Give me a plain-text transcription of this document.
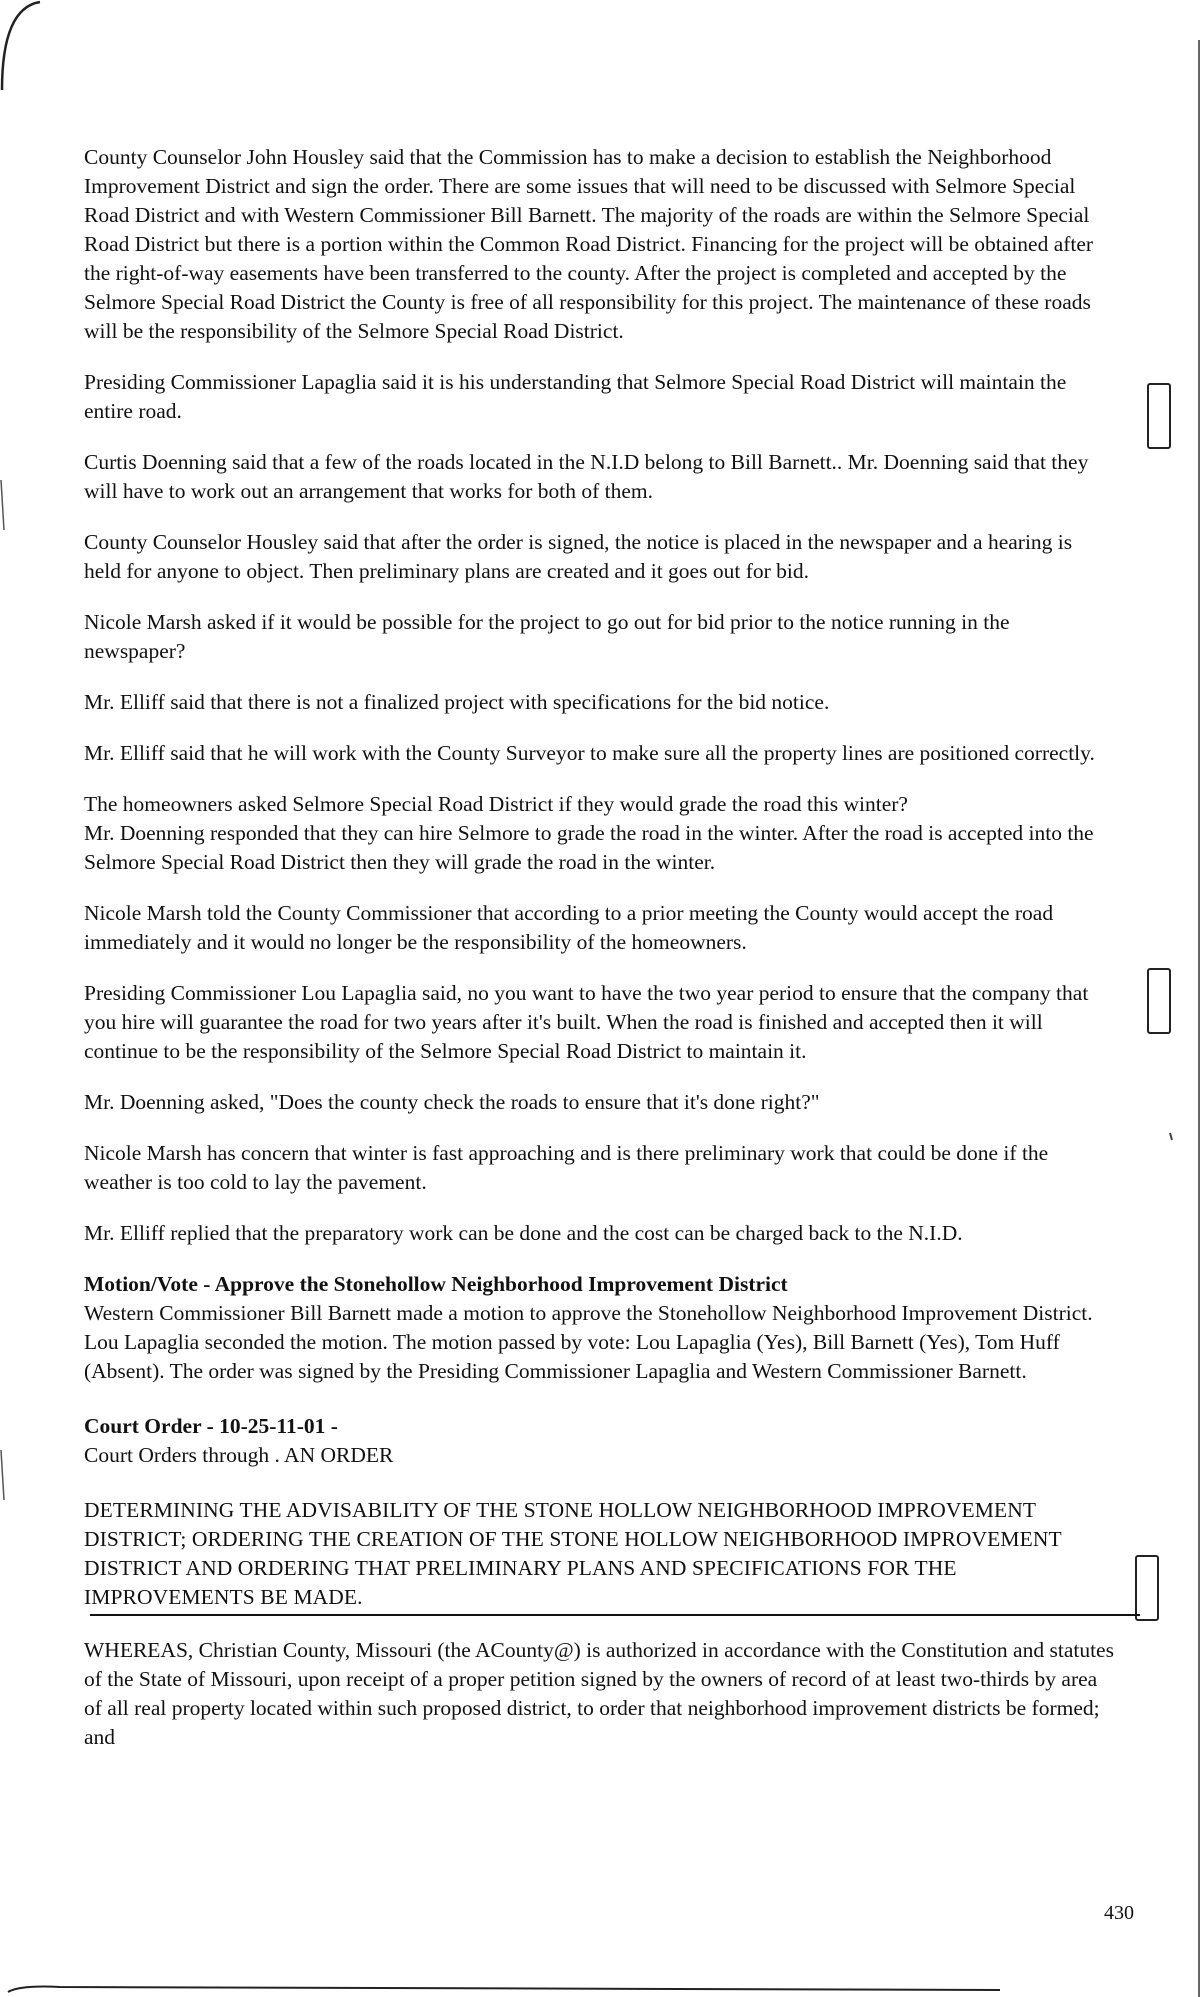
County Counselor John Housley said that the Commission has to make a decision to establish the Neighborhood Improvement District and sign the order. There are some issues that will need to be discussed with Selmore Special Road District and with Western Commissioner Bill Barnett. The majority of the roads are within the Selmore Special Road District but there is a portion within the Common Road District. Financing for the project will be obtained after the right-of-way easements have been transferred to the county. After the project is completed and accepted by the Selmore Special Road District the County is free of all responsibility for this project. The maintenance of these roads will be the responsibility of the Selmore Special Road District.

Presiding Commissioner Lapaglia said it is his understanding that Selmore Special Road District will maintain the entire road.

Curtis Doenning said that a few of the roads located in the N.I.D belong to Bill Barnett.. Mr. Doenning said that they will have to work out an arrangement that works for both of them.

County Counselor Housley said that after the order is signed, the notice is placed in the newspaper and a hearing is held for anyone to object. Then preliminary plans are created and it goes out for bid.

Nicole Marsh asked if it would be possible for the project to go out for bid prior to the notice running in the newspaper?

Mr. Elliff said that there is not a finalized project with specifications for the bid notice.

Mr. Elliff said that he will work with the County Surveyor to make sure all the property lines are positioned correctly.

The homeowners asked Selmore Special Road District if they would grade the road this winter?
Mr. Doenning responded that they can hire Selmore to grade the road in the winter. After the road is accepted into the Selmore Special Road District then they will grade the road in the winter.

Nicole Marsh told the County Commissioner that according to a prior meeting the County would accept the road immediately and it would no longer be the responsibility of the homeowners.

Presiding Commissioner Lou Lapaglia said, no you want to have the two year period to ensure that the company that you hire will guarantee the road for two years after it's built. When the road is finished and accepted then it will continue to be the responsibility of the Selmore Special Road District to maintain it.

Mr. Doenning asked, "Does the county check the roads to ensure that it's done right?"

Nicole Marsh has concern that winter is fast approaching and is there preliminary work that could be done if the weather is too cold to lay the pavement.

Mr. Elliff replied that the preparatory work can be done and the cost can be charged back to the N.I.D.

Motion/Vote - Approve the Stonehollow Neighborhood Improvement District
Western Commissioner Bill Barnett made a motion to approve the Stonehollow Neighborhood Improvement District. Lou Lapaglia seconded the motion. The motion passed by vote: Lou Lapaglia (Yes), Bill Barnett (Yes), Tom Huff (Absent). The order was signed by the Presiding Commissioner Lapaglia and Western Commissioner Barnett.
Court Order - 10-25-11-01 -
Court Orders through . AN ORDER

DETERMINING THE ADVISABILITY OF THE STONE HOLLOW NEIGHBORHOOD IMPROVEMENT DISTRICT; ORDERING THE CREATION OF THE STONE HOLLOW NEIGHBORHOOD IMPROVEMENT DISTRICT AND ORDERING THAT PRELIMINARY PLANS AND SPECIFICATIONS FOR THE IMPROVEMENTS BE MADE.

WHEREAS, Christian County, Missouri (the ACounty@) is authorized in accordance with the Constitution and statutes of the State of Missouri, upon receipt of a proper petition signed by the owners of record of at least two-thirds by area of all real property located within such proposed district, to order that neighborhood improvement districts be formed; and

430
